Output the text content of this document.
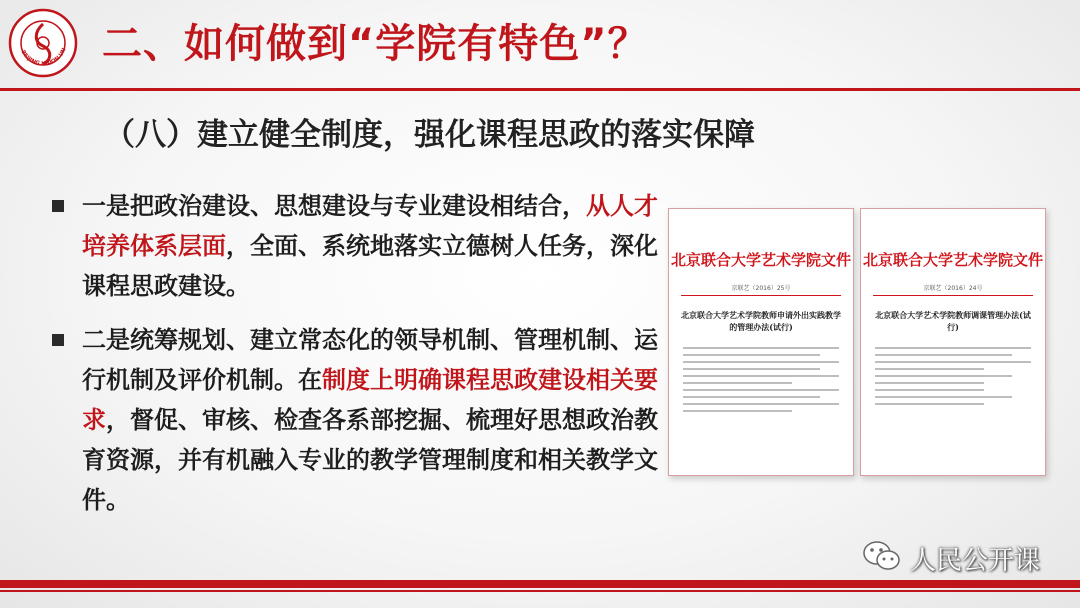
BEIJING UNION UN 二、如何做到“学院有特色”？
（八）建立健全制度，强化课程思政的落实保障
一是把政治建设、思想建设与专业建设相结合，从人才培养体系层面，全面、系统地落实立德树人任务，深化课程思政建设。
二是统筹规划、建立常态化的领导机制、管理机制、运行机制及评价机制。在制度上明确课程思政建设相关要求，督促、审核、检查各系部挖掘、梳理好思想政治教育资源，并有机融入专业的教学管理制度和相关教学文件。
北京联合大学艺术学院文件
京联艺（2016）25号
北京联合大学艺术学院教师申请外出实践教学的管理办法(试行)
北京联合大学艺术学院文件
京联艺（2016）24号
北京联合大学艺术学院教师调课管理办法(试行)
人民公开课
